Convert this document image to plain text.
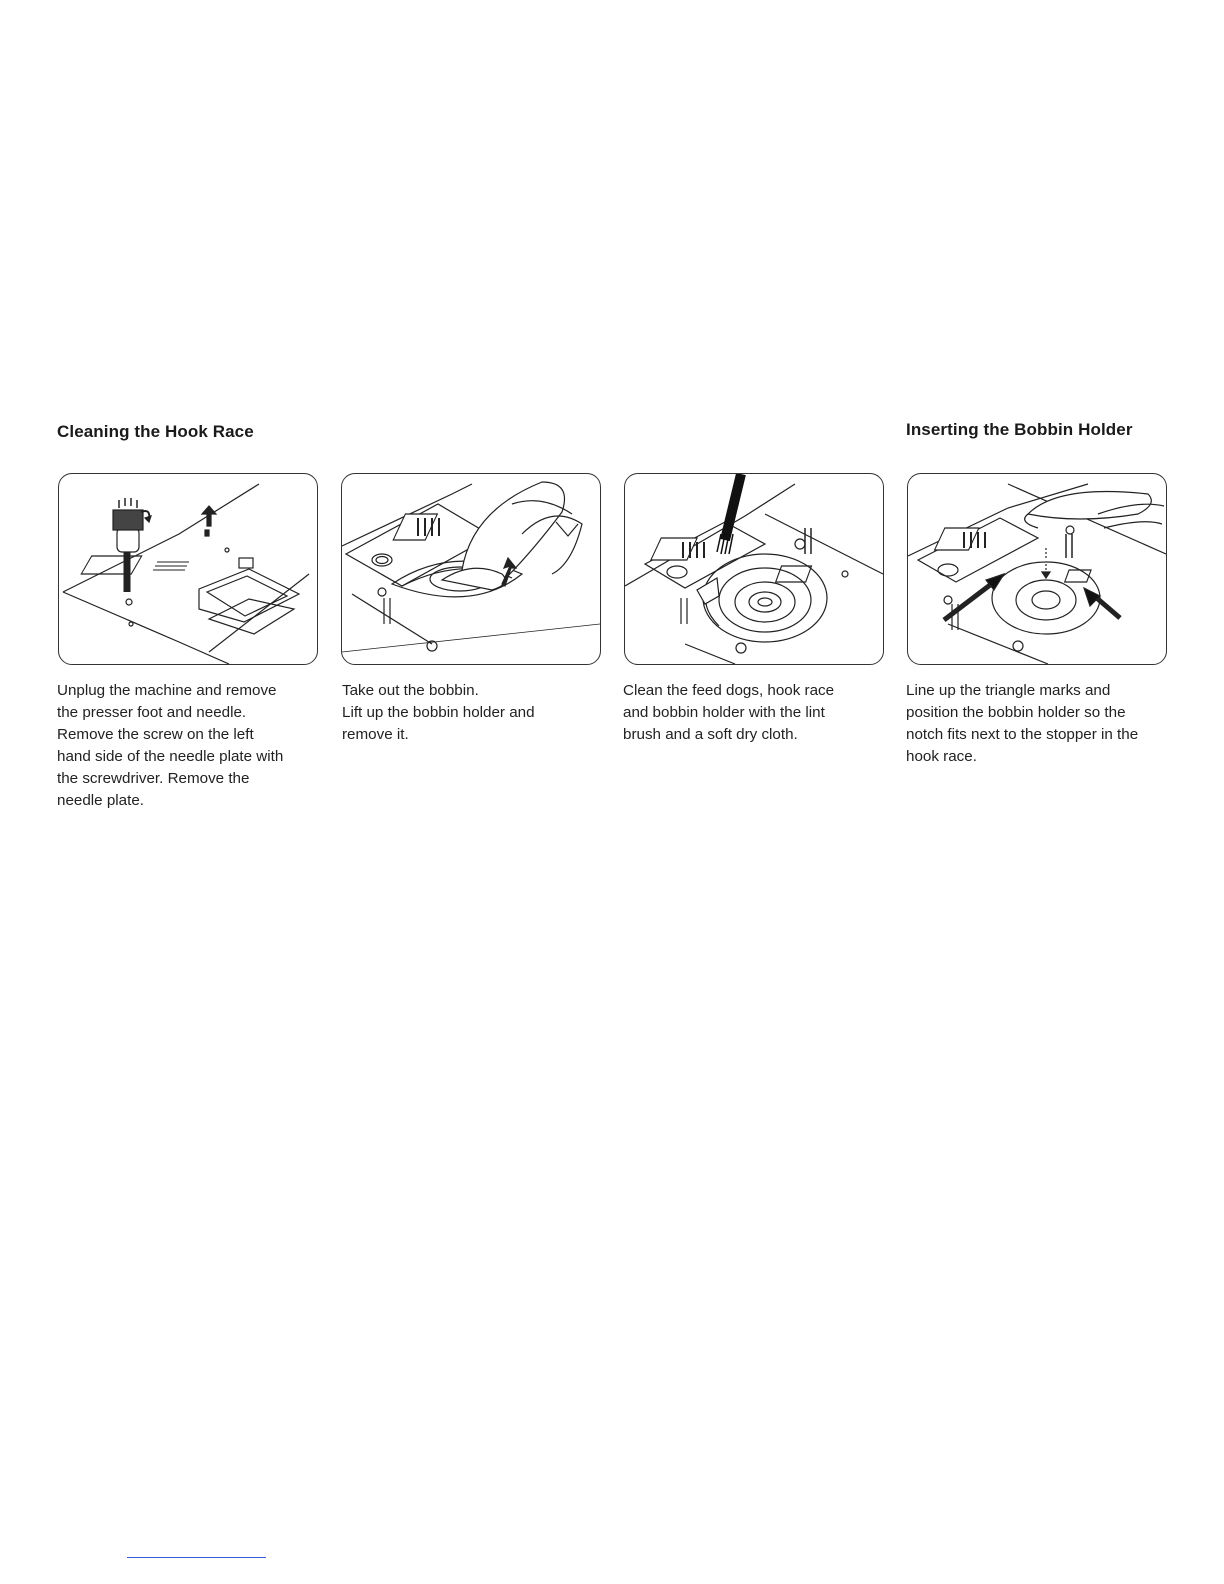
Cleaning the Hook Race	Inserting the Bobbin Holder

Unplug the machine and remove

the presser foot and needle.

Remove the screw on the left

hand side of the needle plate with

the screwdriver. Remove the

needle plate.

Take out the bobbin.

Lift up the bobbin holder and

remove it.

Clean the feed dogs, hook race

and bobbin holder with the lint

brush and a soft dry cloth.

Line up the triangle marks and

position the bobbin holder so the

notch fits next to the stopper in the

hook race.
